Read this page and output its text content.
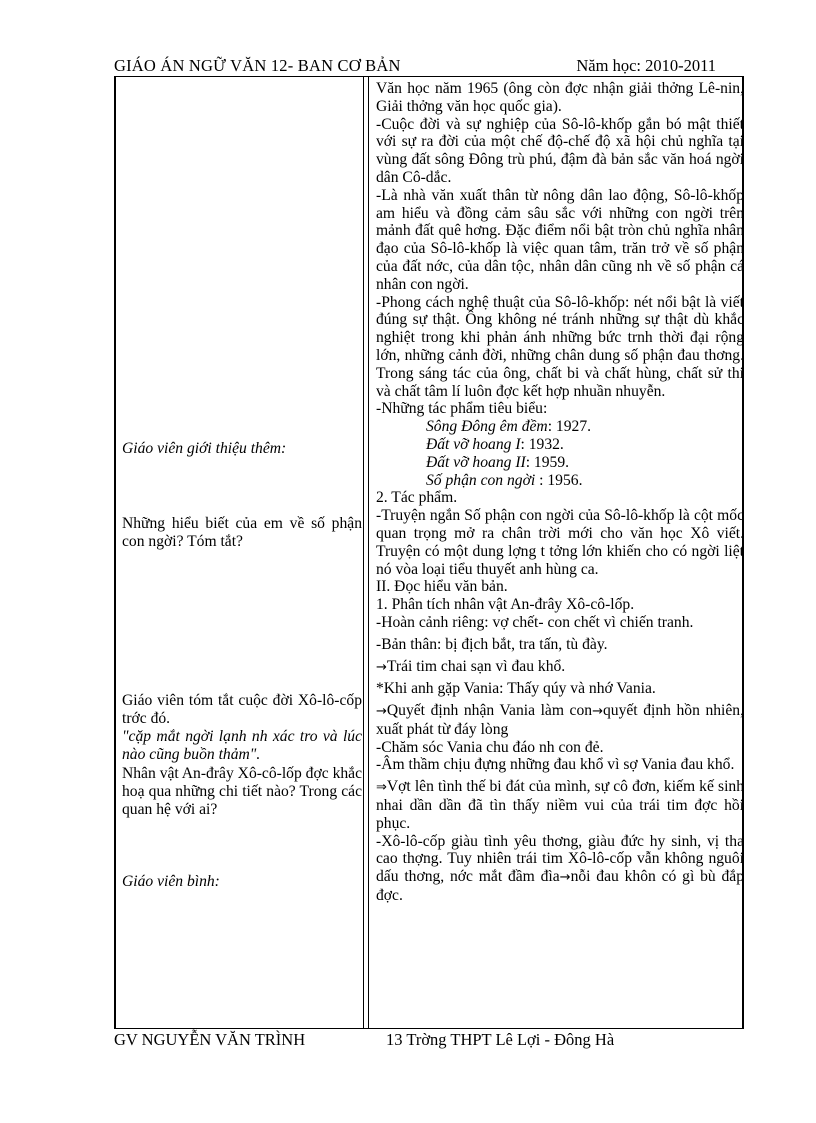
GIÁO ÁN NGỮ VĂN 12- BAN CƠ BẢN	Năm học: 2010-2011
Giáo viên giới thiệu thêm:
Những hiểu biết của em về số phận con ngời? Tóm tắt?
Giáo viên tóm tắt cuộc đời Xô-lô-cốp trớc đó.
"cặp mắt ngời lạnh nh xác tro và lúc nào cũng buồn thảm".
Nhân vật An-đrây Xô-cô-lốp đợc khắc hoạ qua những chi tiết nào? Trong các quan hệ với ai?
Giáo viên bình:

Văn học năm 1965 (ông còn đợc nhận giải thởng Lê-nin, Giải thởng văn học quốc gia).

-Cuộc đời và sự nghiệp của Sô-lô-khốp gắn bó mật thiết với sự ra đời của một chế độ-chế độ xã hội chủ nghĩa tại vùng đất sông Đông trù phú, đậm đà bản sắc văn hoá ngời dân Cô-dắc.

-Là nhà văn xuất thân từ nông dân lao động, Sô-lô-khốp am hiểu và đồng cảm sâu sắc với những con ngời trên mảnh đất quê hơng. Đặc điểm nổi bật tròn chủ nghĩa nhân đạo của Sô-lô-khốp là việc quan tâm, trăn trở về số phận của đất nớc, của dân tộc, nhân dân cũng nh về số phận cá nhân con ngời.

-Phong cách nghệ thuật của Sô-lô-khốp: nét nổi bật là viết đúng sự thật. Ông không né tránh những sự thật dù khắc nghiệt trong khi phản ánh những bức trnh thời đại rộng lớn, những cảnh đời, những chân dung số phận đau thơng. Trong sáng tác của ông, chất bi và chất hùng, chất sử thi và chất tâm lí luôn đợc kết hợp nhuần nhuyễn.

-Những tác phẩm tiêu biểu:

Sông Đông êm đềm: 1927.

Đất vỡ hoang I: 1932.

Đất vỡ hoang II: 1959.

Số phận con ngời : 1956.

2. Tác phẩm.

-Truyện ngắn Số phận con ngời của Sô-lô-khốp là cột mốc quan trọng mở ra chân trời mới cho văn học Xô viết. Truyện có một dung lợng t tởng lớn khiến cho có ngời liệt nó vòa loại tiểu thuyết anh hùng ca.

II. Đọc hiểu văn bản.

1. Phân tích nhân vật An-đrây Xô-cô-lốp.

-Hoàn cảnh riêng: vợ chết- con chết vì chiến tranh.

-Bản thân: bị địch bắt, tra tấn, tù đày.

→Trái tim chai sạn vì đau khổ.

*Khi anh gặp Vania: Thấy qúy và nhớ Vania.

→Quyết định nhận Vania làm con→quyết định hồn nhiên, xuất phát từ đáy lòng

-Chăm sóc Vania chu đáo nh con đẻ.

-Âm thầm chịu đựng những đau khổ vì sợ Vania đau khổ.

⇒Vợt lên tình thế bi đát của mình, sự cô đơn, kiếm kế sinh nhai dần dần đã tìn thấy niềm vui của trái tim đợc hồi phục.

-Xô-lô-cốp giàu tình yêu thơng, giàu đức hy sinh, vị tha cao thợng. Tuy nhiên trái tim Xô-lô-cốp vẫn không nguôi dấu thơng, nớc mắt đầm đìa→nỗi đau khôn có gì bù đắp đợc.

GV NGUYỄN VĂN TRÌNH	13 Trờng THPT Lê Lợi - Đông Hà
